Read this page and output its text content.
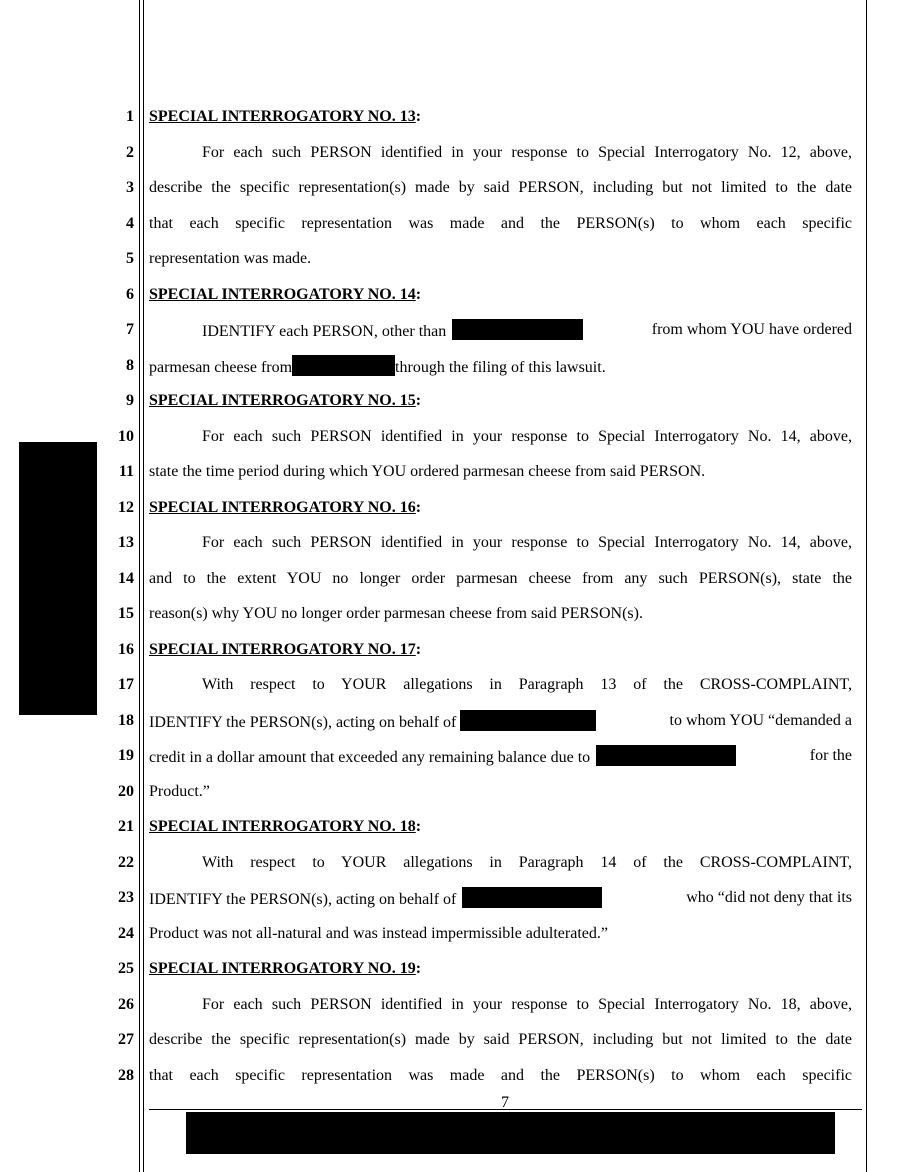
1
2
3
4
5
6
7
8
9
10
11
12
13
14
15
16
17
18
19
20
21
22
23
24
25
26
27
28
SPECIAL INTERROGATORY NO. 13:
For each such PERSON identified in your response to Special Interrogatory No. 12, above,
describe the specific representation(s) made by said PERSON, including but not limited to the date
that each specific representation was made and the PERSON(s) to whom each specific
representation was made.
SPECIAL INTERROGATORY NO. 14:
IDENTIFY each PERSON, other than	from whom YOU have ordered
parmesan cheese from	through the filing of this lawsuit.
SPECIAL INTERROGATORY NO. 15:
For each such PERSON identified in your response to Special Interrogatory No. 14, above,
state the time period during which YOU ordered parmesan cheese from said PERSON.
SPECIAL INTERROGATORY NO. 16:
For each such PERSON identified in your response to Special Interrogatory No. 14, above,
and to the extent YOU no longer order parmesan cheese from any such PERSON(s), state the
reason(s) why YOU no longer order parmesan cheese from said PERSON(s).
SPECIAL INTERROGATORY NO. 17:
With respect to YOUR allegations in Paragraph 13 of the CROSS-COMPLAINT,
IDENTIFY the PERSON(s), acting on behalf of	to whom YOU “demanded a
credit in a dollar amount that exceeded any remaining balance due to	for the
Product.”
SPECIAL INTERROGATORY NO. 18:
With respect to YOUR allegations in Paragraph 14 of the CROSS-COMPLAINT,
IDENTIFY the PERSON(s), acting on behalf of	who “did not deny that its
Product was not all-natural and was instead impermissible adulterated.”
SPECIAL INTERROGATORY NO. 19:
For each such PERSON identified in your response to Special Interrogatory No. 18, above,
describe the specific representation(s) made by said PERSON, including but not limited to the date
that each specific representation was made and the PERSON(s) to whom each specific
7
